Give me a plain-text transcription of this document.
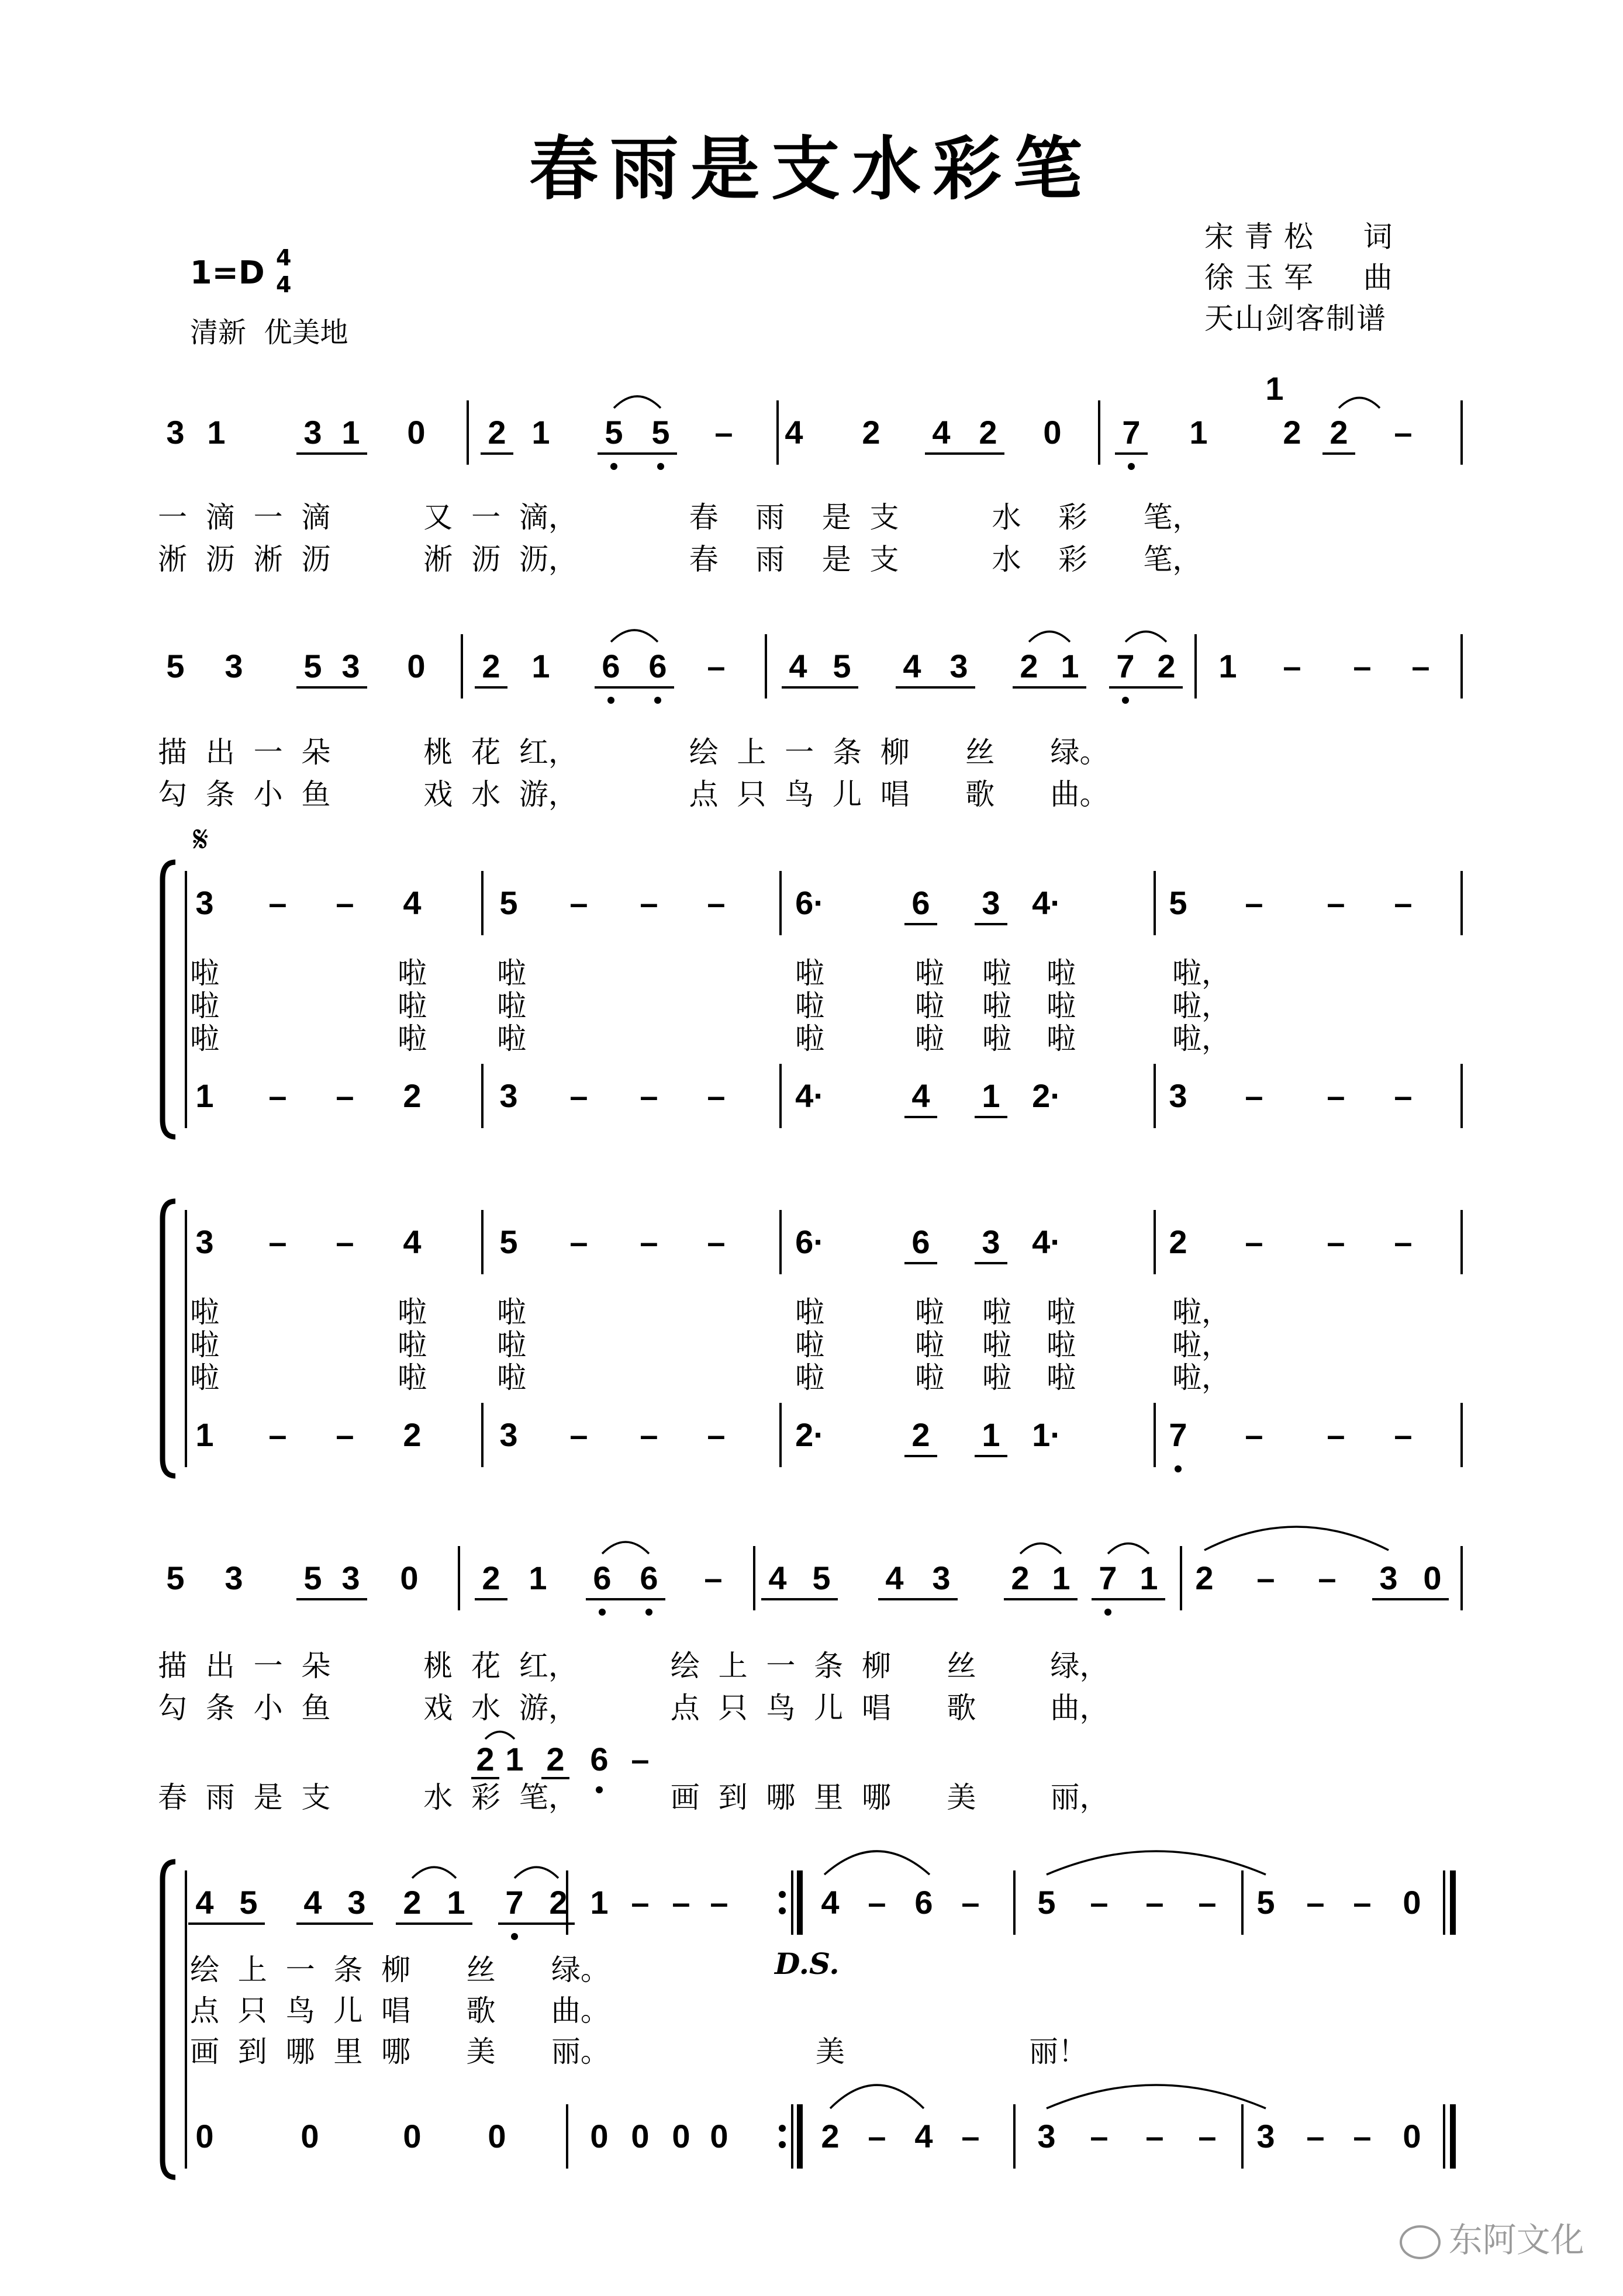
春雨是支水彩笔
宋青松  词
徐玉军  曲
天山剑客制谱
1=D 4
4
清新  优美地
𝄋
D.S.

东阿文化

3 1 3 1 0 2 1 5 5 – 4 2 4 2 0 7 1 2 2 –
1
一  滴  一  滴          又  一  滴，            春    雨    是  支          水    彩      笔，
淅  沥  淅  沥          淅  沥  沥，            春    雨    是  支          水    彩      笔，
5 3 5 3 0 2 1 6 6 – 4 5 4 3 2 1 7 2 1 – – –
描  出  一  朵          桃  花  红，            绘  上  一  条  柳      丝      绿。
勾  条  小  鱼          戏  水  游，            点  只  鸟  儿  唱      歌      曲。
3 – – 4 5 – – – 6·	6 3 4·	5 – – –
1 – – 2 3 – – – 4·	4 1 2·	3 – – –
啦	啦 啦	啦	啦 啦 啦	啦，
啦	啦 啦	啦	啦 啦 啦	啦，
啦	啦 啦	啦	啦 啦 啦	啦，
3 – – 4 5 – – – 6·	6 3 4·	2 – – –
1 – – 2 3 – – – 2·	2 1 1·	7 – – –
啦	啦 啦	啦	啦 啦 啦	啦，
啦	啦 啦	啦	啦 啦 啦	啦，
啦	啦 啦	啦	啦 啦 啦	啦，
5 3 5 3 0 2 1 6 6 – 4 5 4 3 2 1 7 1 2 – – 3 0
描  出  一  朵          桃  花  红，          绘  上  一  条  柳      丝        绿，
勾  条  小  鱼          戏  水  游，          点  只  鸟  儿  唱      歌        曲，
春  雨  是  支          水  彩  笔，          画  到  哪  里  哪      美        丽，
2 1 2 6 –
4 5 4 3 2 1 7 2 1 – – –	4 – 6 – 5 – – – 5 – – 0
0	0	0 0	0 0 0 0	2 – 4 – 3 – – – 3 – – 0
绘  上  一  条  柳      丝      绿。
点  只  鸟  儿  唱      歌      曲。
画  到  哪  里  哪      美      丽。	美	丽！
